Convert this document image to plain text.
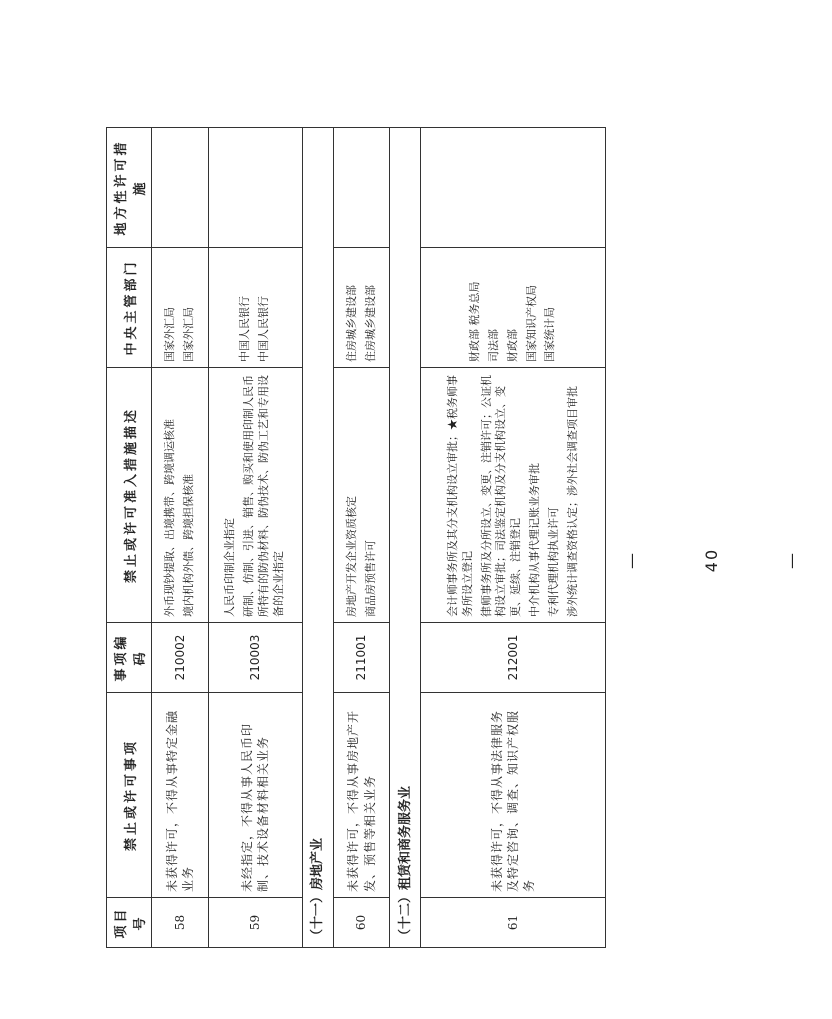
项目号	禁止或许可事项	事项编码	禁止或许可准入措施描述	中央主管部门	地方性许可措施
58	未获得许可，不得从事特定金融业务	210002	外币现钞提取、出境携带、跨境调运核准 境内机构外债、跨境担保核准	国家外汇局 国家外汇局	

59	未经指定，不得从事人民币印制、技术设备材料相关业务	210003	人民币印制企业指定 研制、仿制、引进、销售、购买和使用印制人民币所特有的防伪材料、防伪技术、防伪工艺和专用设备的企业指定	中国人民银行 中国人民银行	

（十一）房地产业					
60	未获得许可，不得从事房地产开发、预售等相关业务	211001	房地产开发企业资质核定 商品房预售许可	住房城乡建设部 住房城乡建设部	

（十二）租赁和商务服务业					
61	未获得许可，不得从事法律服务及特定咨询、调查、知识产权服务	212001	会计师事务所及其分支机构设立审批；★税务师事务所设立登记 律师事务所及分所设立、变更、注销许可；公证机构设立审批；司法鉴定机构及分支机构设立、变更、延续、注销登记 中介机构从事代理记账业务审批 专利代理机构执业许可 涉外统计调查资格认定；涉外社会调查项目审批	财政部 税务总局 司法部 财政部 国家知识产权局 国家统计局	

— 40 —
